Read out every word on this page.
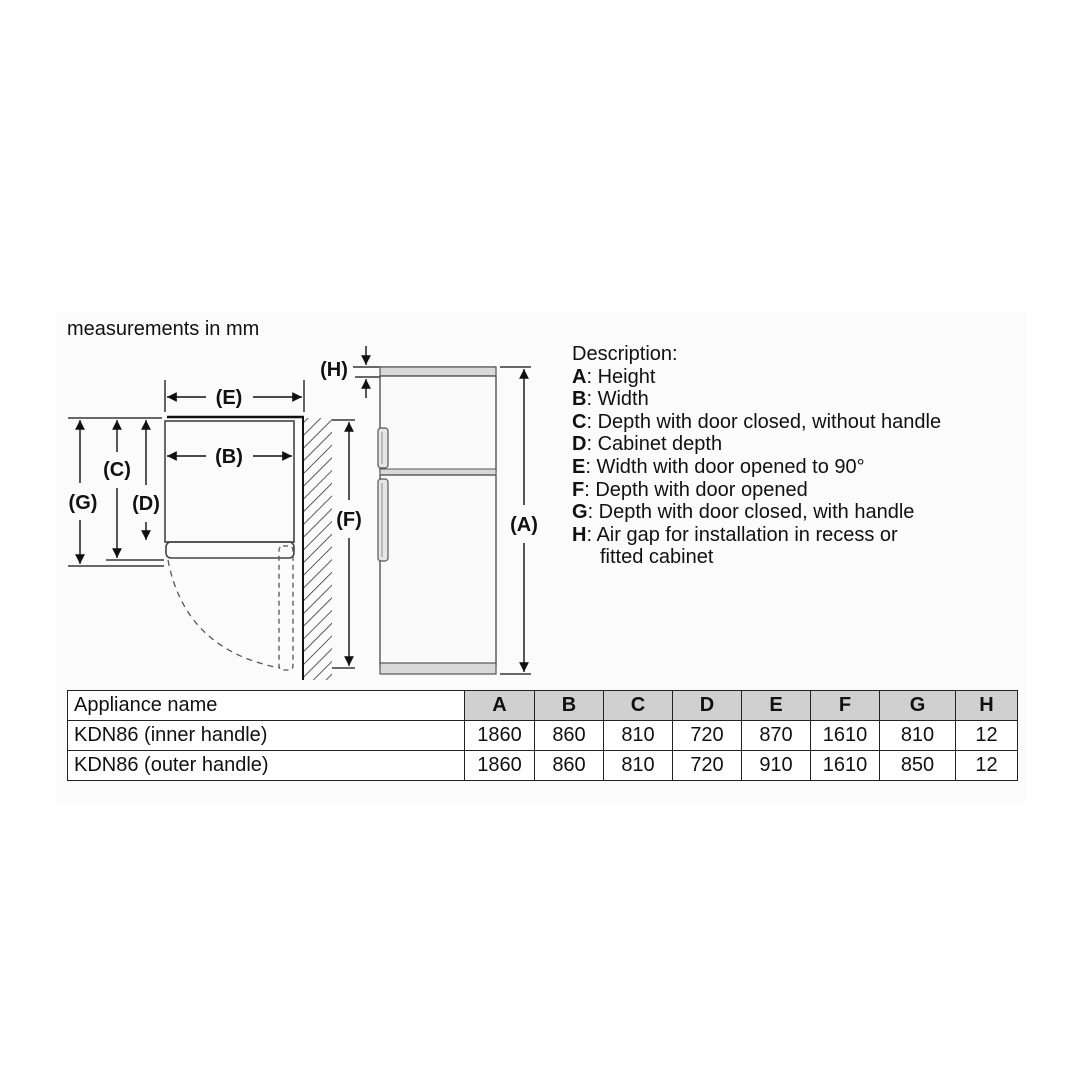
measurements in mm
(E)
(B)
(G)
(C)
(D)
(F)
(H)
(A)
Description:
A: Height
B: Width
C: Depth with door closed, without handle
D: Cabinet depth
E: Width with door opened to 90°
F: Depth with door opened
G: Depth with door closed, with handle
H: Air gap for installation in recess or
fitted cabinet
Appliance name	A	B	C	D	E	F	G	H
KDN86 (inner handle)	1860	860	810	720	870	1610	810	12
KDN86 (outer handle)	1860	860	810	720	910	1610	850	12
